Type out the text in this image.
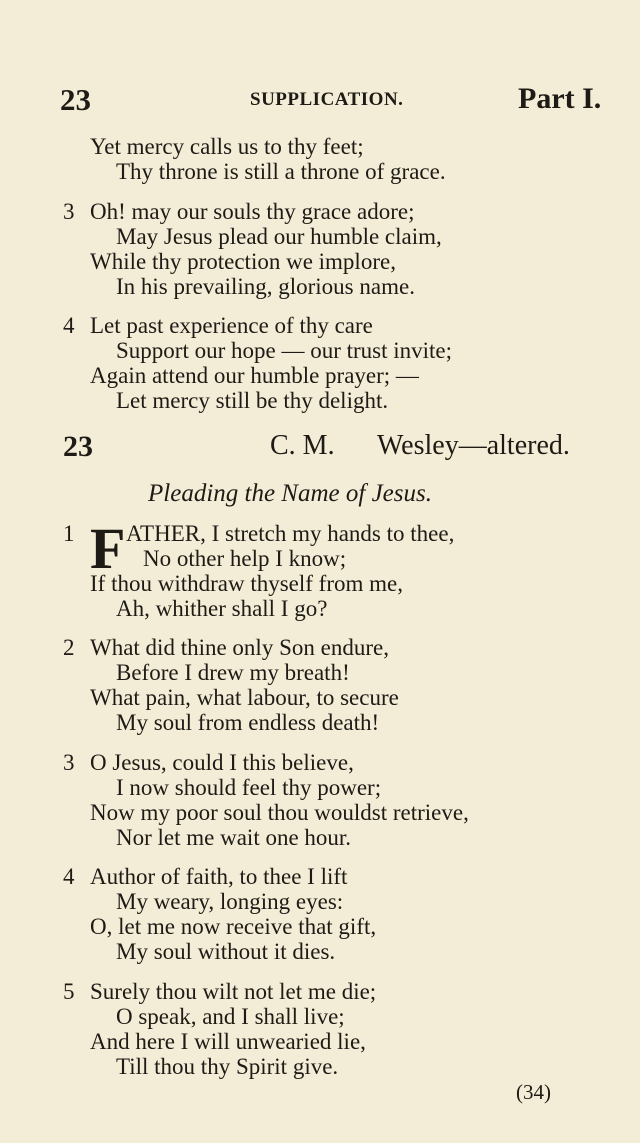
23	SUPPLICATION.	Part I.
Yet mercy calls us to thy feet;
Thy throne is still a throne of grace.
3 Oh! may our souls thy grace adore;
May Jesus plead our humble claim,
While thy protection we implore,
In his prevailing, glorious name.
4 Let past experience of thy care
Support our hope — our trust invite;
Again attend our humble prayer; —
Let mercy still be thy delight.
23	C. M. Wesley—altered.
Pleading the Name of Jesus.
1 F ATHER, I stretch my hands to thee,
No other help I know;
If thou withdraw thyself from me,
Ah, whither shall I go?
2 What did thine only Son endure,
Before I drew my breath!
What pain, what labour, to secure
My soul from endless death!
3 O Jesus, could I this believe,
I now should feel thy power;
Now my poor soul thou wouldst retrieve,
Nor let me wait one hour.
4 Author of faith, to thee I lift
My weary, longing eyes:
O, let me now receive that gift,
My soul without it dies.
5 Surely thou wilt not let me die;
O speak, and I shall live;
And here I will unwearied lie,
Till thou thy Spirit give.
(34)
